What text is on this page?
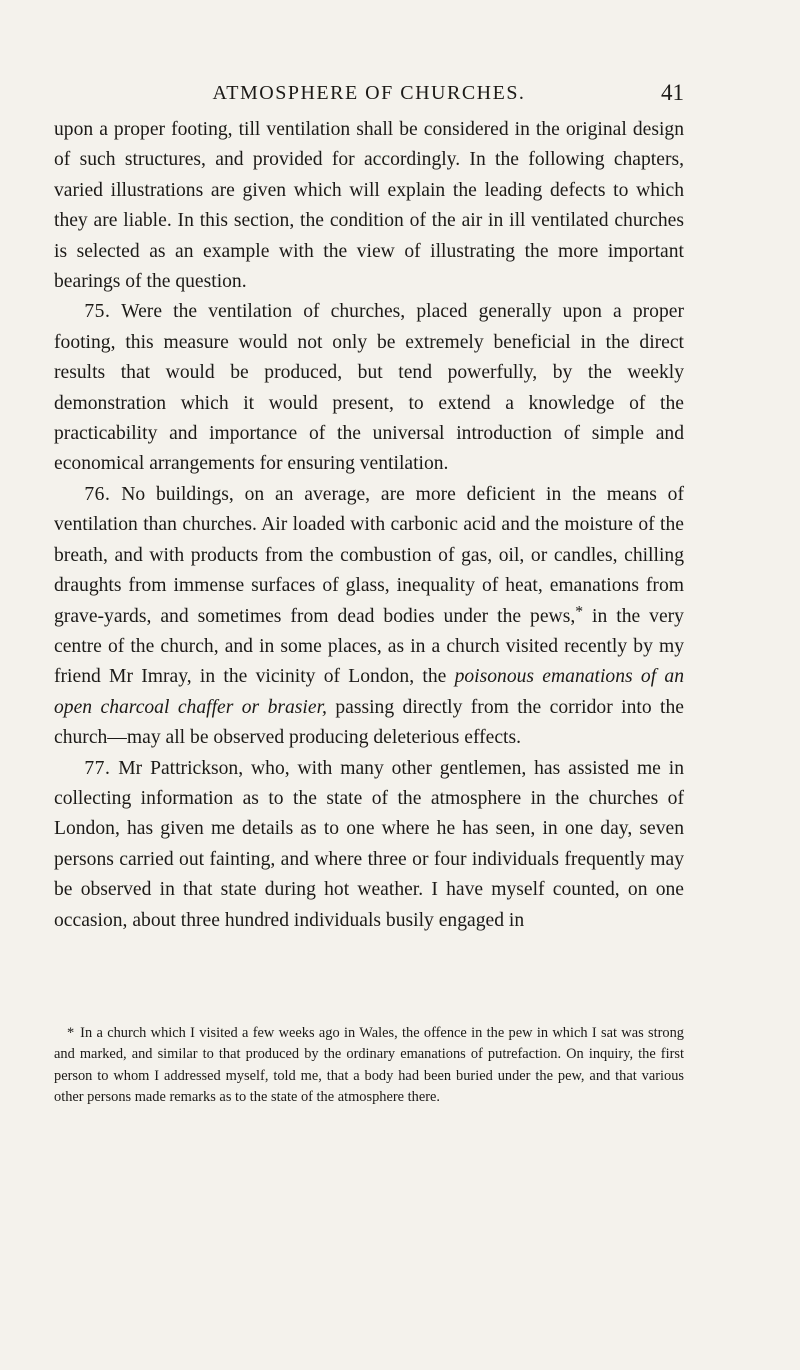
ATMOSPHERE OF CHURCHES.	41

upon a proper footing, till ventilation shall be considered in the original design of such structures, and provided for accordingly. In the following chapters, varied illustrations are given which will explain the leading defects to which they are liable. In this section, the condition of the air in ill ventilated churches is selected as an example with the view of illustrating the more important bearings of the question.

75. Were the ventilation of churches, placed generally upon a proper footing, this measure would not only be extremely beneficial in the direct results that would be produced, but tend powerfully, by the weekly demonstration which it would present, to extend a knowledge of the practicability and importance of the universal introduction of simple and economical arrangements for ensuring ventilation.

76. No buildings, on an average, are more deficient in the means of ventilation than churches. Air loaded with carbonic acid and the moisture of the breath, and with products from the combustion of gas, oil, or candles, chilling draughts from immense surfaces of glass, inequality of heat, emanations from grave-yards, and sometimes from dead bodies under the pews,* in the very centre of the church, and in some places, as in a church visited recently by my friend Mr Imray, in the vicinity of London, the poisonous emanations of an open charcoal chaffer or brasier, passing directly from the corridor into the church—may all be observed producing deleterious effects.

77. Mr Pattrickson, who, with many other gentlemen, has assisted me in collecting information as to the state of the atmosphere in the churches of London, has given me details as to one where he has seen, in one day, seven persons carried out fainting, and where three or four individuals frequently may be observed in that state during hot weather. I have myself counted, on one occasion, about three hundred individuals busily engaged in

* In a church which I visited a few weeks ago in Wales, the offence in the pew in which I sat was strong and marked, and similar to that produced by the ordinary emanations of putrefaction. On inquiry, the first person to whom I addressed myself, told me, that a body had been buried under the pew, and that various other persons made remarks as to the state of the atmosphere there.
